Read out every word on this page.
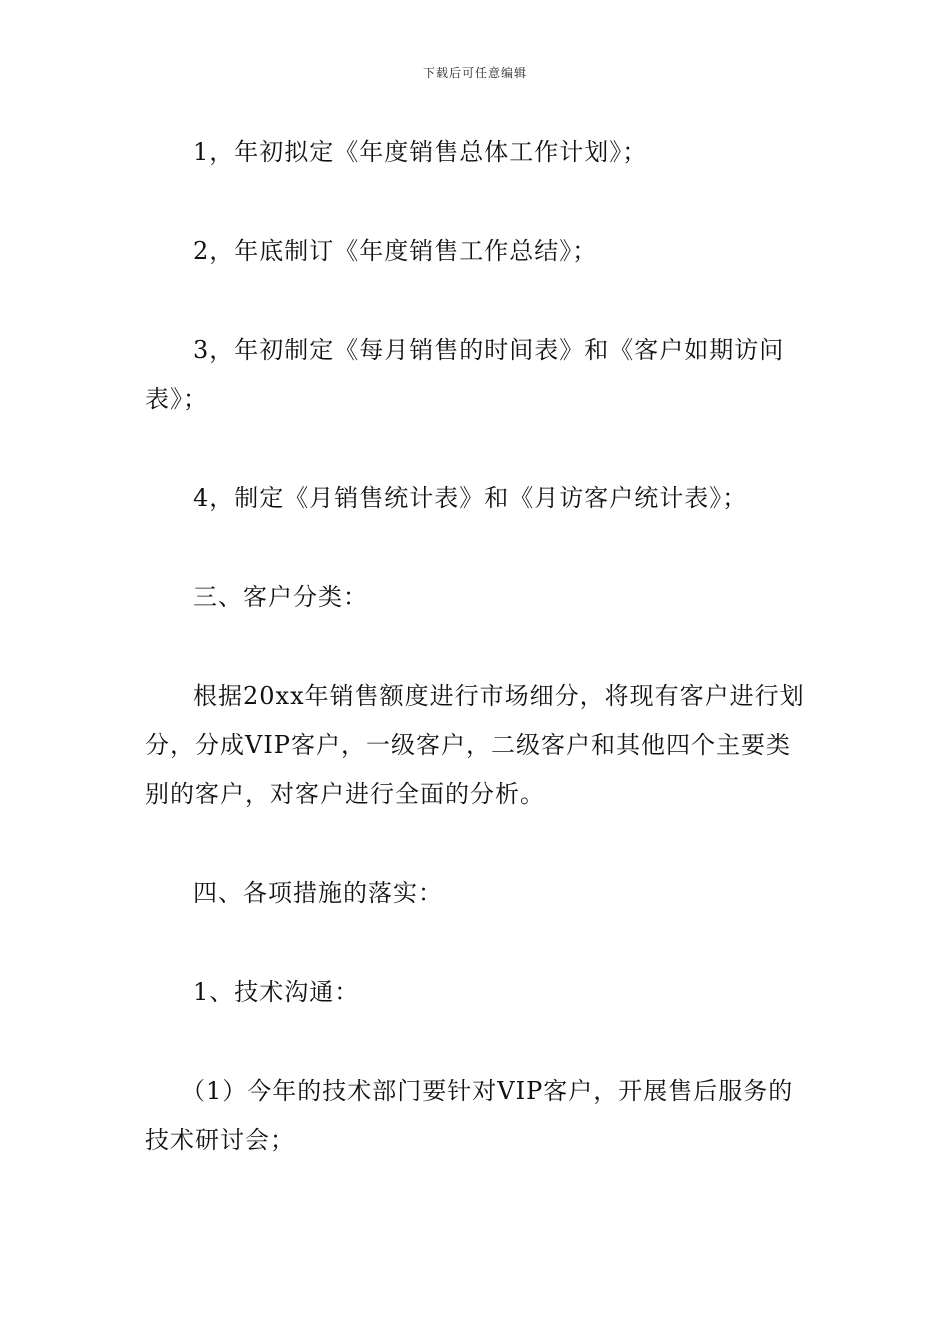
下载后可任意编辑

1，年初拟定《年度销售总体工作计划》；

2，年底制订《年度销售工作总结》；

3，年初制定《每月销售的时间表》和《客户如期访问表》；

4，制定《月销售统计表》和《月访客户统计表》；

三、客户分类：

根据20xx年销售额度进行市场细分，将现有客户进行划分，分成VIP客户，一级客户，二级客户和其他四个主要类别的客户，对客户进行全面的分析。

四、各项措施的落实：

1、技术沟通：

（1）今年的技术部门要针对VIP客户，开展售后服务的技术研讨会；
